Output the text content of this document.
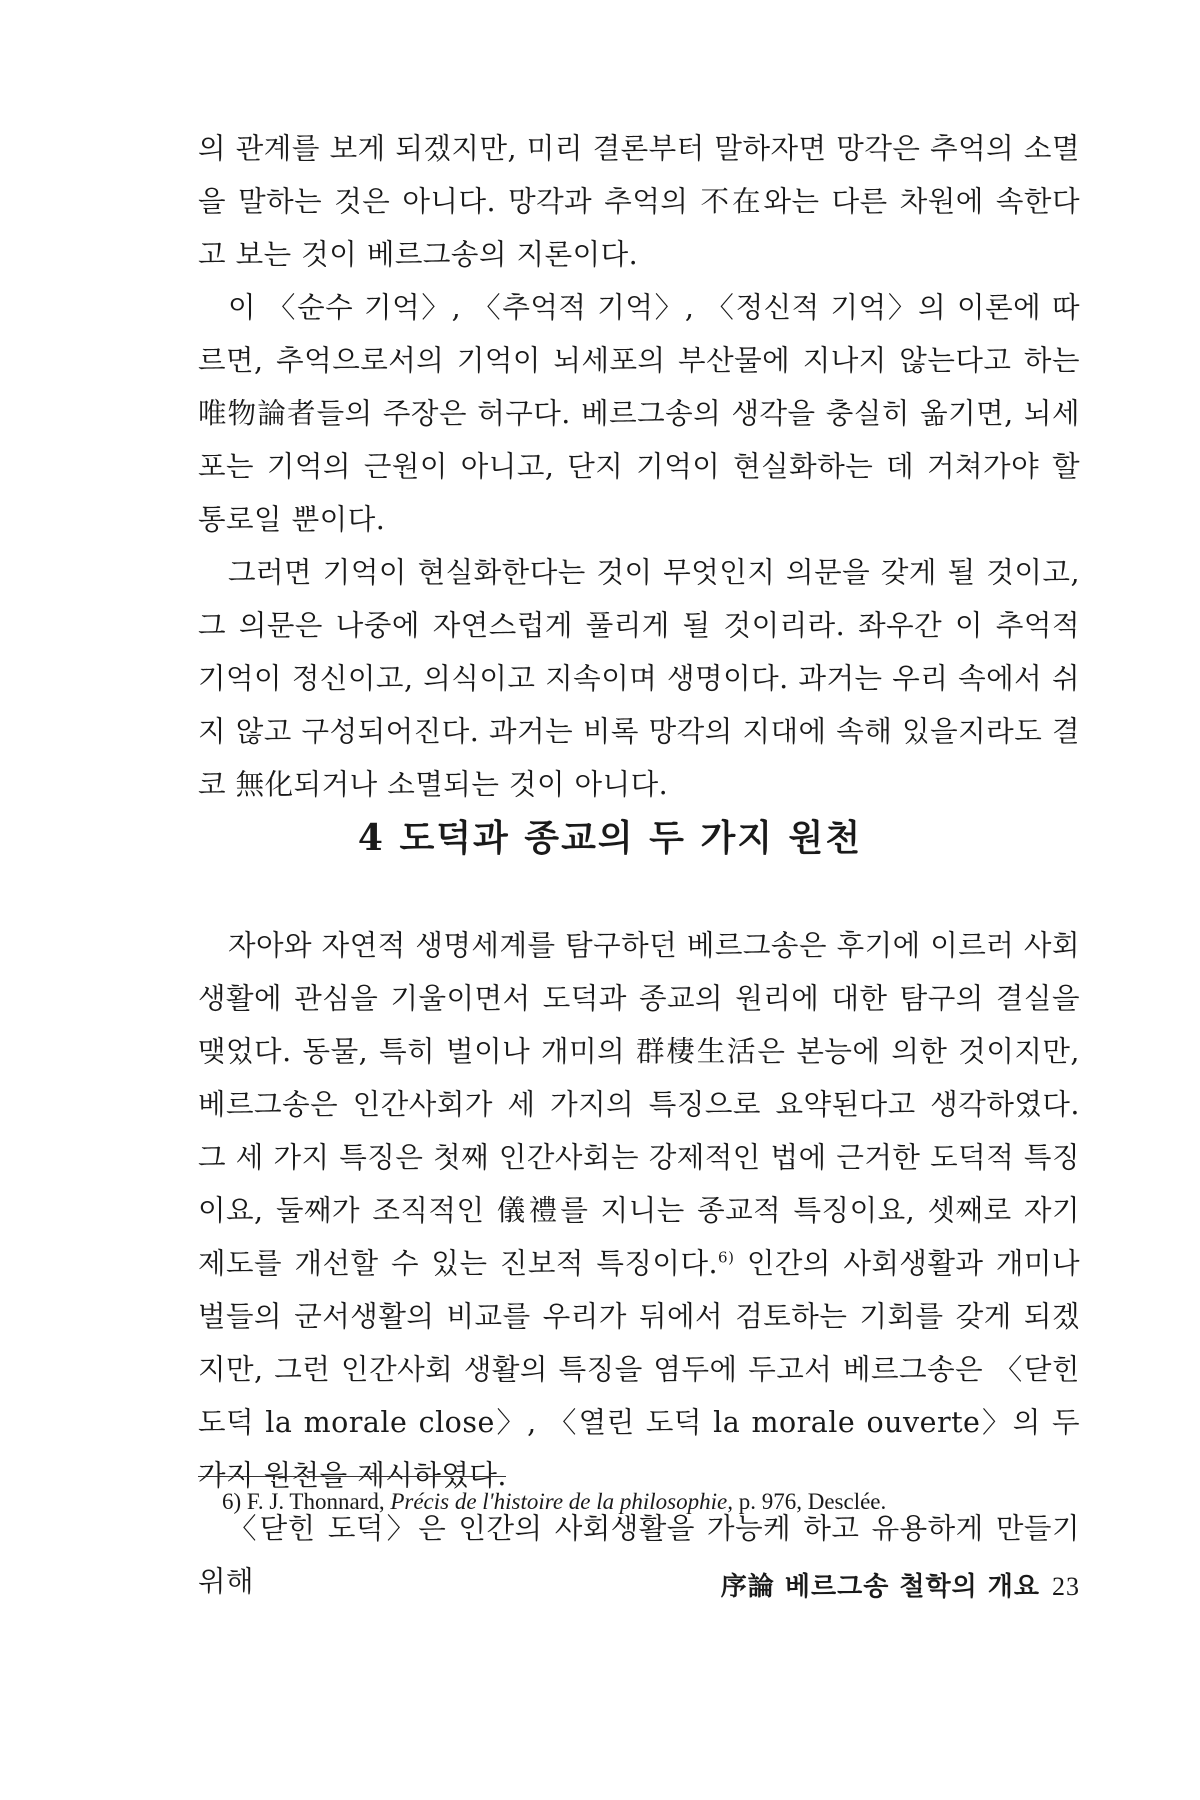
의 관계를 보게 되겠지만, 미리 결론부터 말하자면 망각은 추억의 소멸을 말하는 것은 아니다. 망각과 추억의 不在와는 다른 차원에 속한다고 보는 것이 베르그송의 지론이다.

이 〈순수 기억〉, 〈추억적 기억〉, 〈정신적 기억〉의 이론에 따르면, 추억으로서의 기억이 뇌세포의 부산물에 지나지 않는다고 하는 唯物論者들의 주장은 허구다. 베르그송의 생각을 충실히 옮기면, 뇌세포는 기억의 근원이 아니고, 단지 기억이 현실화하는 데 거쳐가야 할 통로일 뿐이다.

그러면 기억이 현실화한다는 것이 무엇인지 의문을 갖게 될 것이고, 그 의문은 나중에 자연스럽게 풀리게 될 것이리라. 좌우간 이 추억적 기억이 정신이고, 의식이고 지속이며 생명이다. 과거는 우리 속에서 쉬지 않고 구성되어진다. 과거는 비록 망각의 지대에 속해 있을지라도 결코 無化되거나 소멸되는 것이 아니다.

4 도덕과 종교의 두 가지 원천

자아와 자연적 생명세계를 탐구하던 베르그송은 후기에 이르러 사회생활에 관심을 기울이면서 도덕과 종교의 원리에 대한 탐구의 결실을 맺었다. 동물, 특히 벌이나 개미의 群棲生活은 본능에 의한 것이지만, 베르그송은 인간사회가 세 가지의 특징으로 요약된다고 생각하였다. 그 세 가지 특징은 첫째 인간사회는 강제적인 법에 근거한 도덕적 특징이요, 둘째가 조직적인 儀禮를 지니는 종교적 특징이요, 셋째로 자기 제도를 개선할 수 있는 진보적 특징이다.$^{6)}$ 인간의 사회생활과 개미나 벌들의 군서생활의 비교를 우리가 뒤에서 검토하는 기회를 갖게 되겠지만, 그런 인간사회 생활의 특징을 염두에 두고서 베르그송은 〈닫힌 도덕 la morale close〉, 〈열린 도덕 la morale ouverte〉의 두 가지 원천을 제시하였다.

〈닫힌 도덕〉은 인간의 사회생활을 가능케 하고 유용하게 만들기 위해

6) F. J. Thonnard, Précis de l'histoire de la philosophie, p. 976, Desclée.

序論 베르그송 철학의 개요 23
